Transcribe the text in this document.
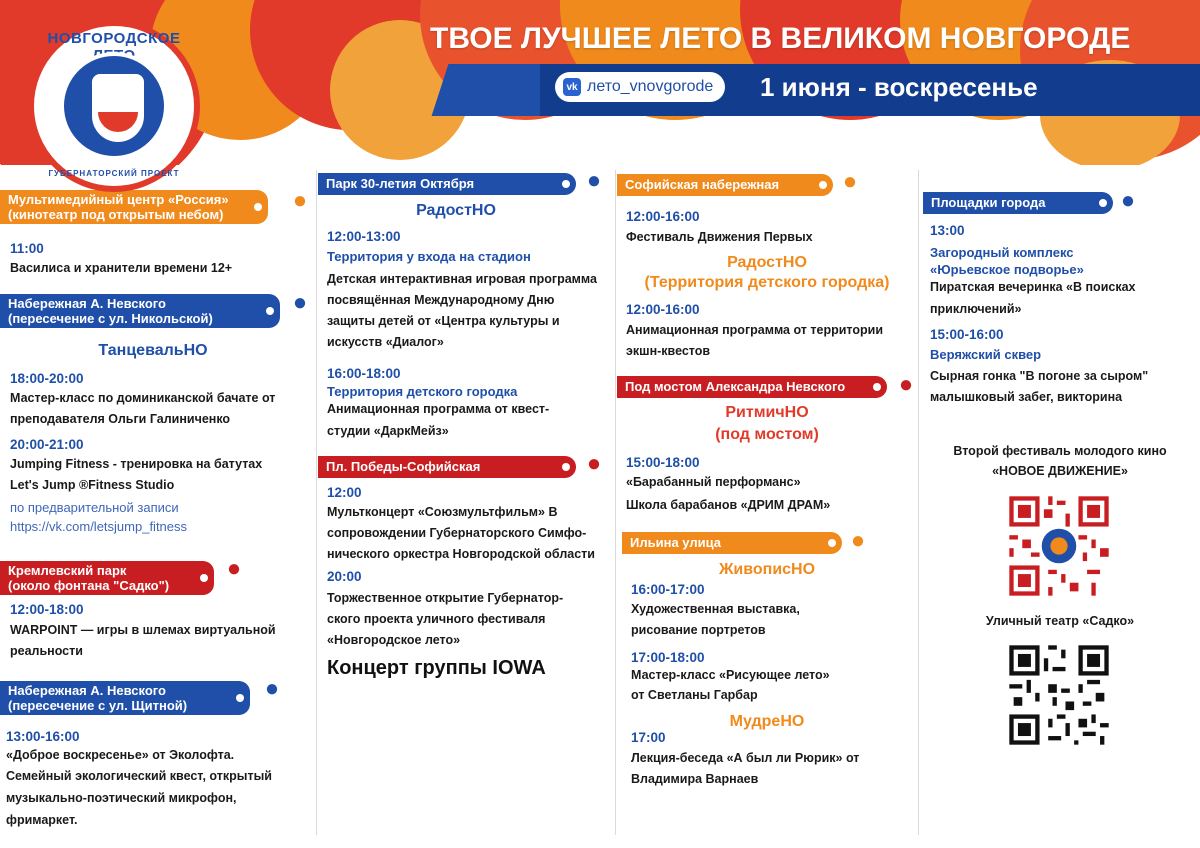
ТВОЕ ЛУЧШЕЕ ЛЕТО В ВЕЛИКОМ НОВГОРОДЕ
vk лето_vnovgorode 1 июня - воскресенье
НОВГОРОДСКОЕ
ГУБЕРНАТОРСКИЙ ПРОЕКТ
Мультимедийный центр «Россия»
(кинотеатр под открытым небом)
●
11:00
Василиса и хранители времени 12+
Набережная А. Невского
(пересечение с ул. Никольской)
●
ТанцевальНО
18:00-20:00
Мастер-класс по доминиканской бачате от
преподавателя Ольги Галиниченко
20:00-21:00
Jumping Fitness - тренировка на батутах
Let's Jump ®Fitness Studio
по предварительной записи
https://vk.com/letsjump_fitness
Кремлевский парк
(около фонтана "Садко")
●
12:00-18:00
WARPOINT — игры в шлемах виртуальной
реальности
Набережная А. Невского
(пересечение с ул. Щитной)
●
13:00-16:00
«Доброе воскресенье» от Эколофта.
Семейный экологический квест, открытый
музыкально-поэтический микрофон,
фримаркет.
Парк 30-летия Октября	●
РадостНО
12:00-13:00
Территория у входа на стадион
Детская интерактивная игровая программа
посвящённая Международному Дню
защиты детей от «Центра культуры и
искусств «Диалог»
16:00-18:00
Территория детского городка
Анимационная программа от квест-
студии «ДаркМейз»
Пл. Победы-Софийская	●
12:00
Мультконцерт «Союзмультфильм» В
сопровождении Губернаторского Симфо-
нического оркестра Новгородской области
20:00
Торжественное открытие Губернатор-
ского проекта уличного фестиваля
«Новгородское лето»
Концерт группы IOWA
Софийская набережная	●
12:00-16:00
Фестиваль Движения Первых
РадостНО
(Территория детского городка)
12:00-16:00
Анимационная программа от территории
экшн-квестов
Под мостом Александра Невского	●
РитмичНО
(под мостом)
15:00-18:00
«Барабанный перформанс»
Школа барабанов «ДРИМ ДРАМ»
Ильина улица	●
ЖивописНО
16:00-17:00
Художественная выставка,
рисование портретов
17:00-18:00
Мастер-класс «Рисующее лето»
от Светланы Гарбар
МудреНО
17:00
Лекция-беседа «А был ли Рюрик» от
Владимира Варнаев
Площадки города	●
13:00
Загородный комплекс
«Юрьевское подворье»
Пиратская вечеринка «В поисках
приключений»
15:00-16:00
Веряжский сквер
Сырная гонка "В погоне за сыром"
малышковый забег, викторина
Второй фестиваль молодого кино
«НОВОЕ ДВИЖЕНИЕ»
Уличный театр «Садко»
